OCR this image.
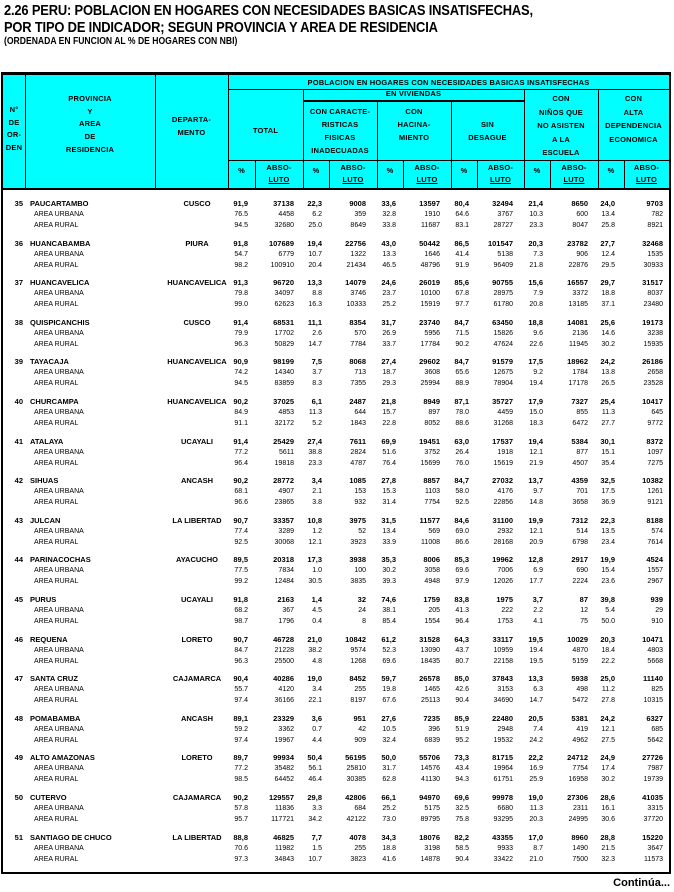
2.26 PERU: POBLACION EN HOGARES CON NECESIDADES BASICAS INSATISFECHAS,
POR TIPO DE INDICADOR; SEGUN PROVINCIA Y AREA DE RESIDENCIA
(ORDENADA EN FUNCION AL % DE HOGARES CON NBI)
N°
DE
OR-
DEN
PROVINCIA
Y
AREA
DE
RESIDENCIA
DEPARTA-
MENTO
POBLACION EN HOGARES CON NECESIDADES BASICAS INSATISFECHAS
EN VIVIENDAS
TOTAL
CON CARACTE-
RISTICAS
FISICAS
INADECUADAS
CON
HACINA-
MIENTO
SIN
DESAGUE
CON
NIÑOS QUE
NO ASISTEN
A LA
ESCUELA
CON
ALTA
DEPENDENCIA
ECONOMICA
%	ABSO-
LUTO
%	ABSO-
LUTO
%	ABSO-
LUTO
%	ABSO-
LUTO
%	ABSO-
LUTO
%	ABSO-
LUTO
35 PAUCARTAMBO	CUSCO	91,9	37138 22,3	9008 33,6	13597 80,4	32494 21,4	8650 24,0	9703
AREA URBANA	76.5	4458	6.2	359 32.8	1910 64.6	3767 10.3	600 13.4	782
AREA RURAL	94.5	32680 25.0	8649 33.8	11687 83.1	28727 23.3	8047 25.8	8921
36 HUANCABAMBA	PIURA	91,8	107689 19,4	22756 43,0	50442 86,5	101547 20,3	23782 27,7	32468
AREA URBANA	54.7	6779 10.7	1322 13.3	1646 41.4	5138	7.3	906 12.4	1535
AREA RURAL	98.2	100910 20.4	21434 46.5	48796 91.9	96409 21.8	22876 29.5	30933
37 HUANCAVELICA	HUANCAVELICA 91,3	96720 13,3	14079 24,6	26019 85,6	90755 15,6	16557 29,7	31517
AREA URBANA	79.8	34097	8.8	3746 23.7	10100 67.8	28975	7.9	3372 18.8	8037
AREA RURAL	99.0	62623 16.3	10333 25.2	15919 97.7	61780 20.8	13185 37.1	23480
38 QUISPICANCHIS	CUSCO	91,4	68531 11,1	8354 31,7	23740 84,7	63450 18,8	14081 25,6	19173
AREA URBANA	79.9	17702	2.6	570 26.9	5956 71.5	15826	9.6	2136 14.6	3238
AREA RURAL	96.3	50829 14.7	7784 33.7	17784 90.2	47624 22.6	11945 30.2	15935
39 TAYACAJA	HUANCAVELICA 90,9	98199 7,5	8068 27,4	29602 84,7	91579 17,5	18962 24,2	26186
AREA URBANA	74.2	14340	3.7	713 18.7	3608 65.6	12675	9.2	1784 13.8	2658
AREA RURAL	94.5	83859	8.3	7355 29.3	25994 88.9	78904 19.4	17178 26.5	23528
40 CHURCAMPA	HUANCAVELICA 90,2	37025 6,1	2487 21,8	8949 87,1	35727 17,9	7327 25,4	10417
AREA URBANA	84.9	4853 11.3	644 15.7	897 78.0	4459 15.0	855 11.3	645
AREA RURAL	91.1	32172	5.2	1843 22.8	8052 88.6	31268 18.3	6472 27.7	9772
41 ATALAYA	UCAYALI	91,4	25429 27,4	7611 69,9	19451 63,0	17537 19,4	5384 30,1	8372
AREA URBANA	77.2	5611 38.8	2824 51.6	3752 26.4	1918 12.1	877 15.1	1097
AREA RURAL	96.4	19818 23.3	4787 76.4	15699 76.0	15619 21.9	4507 35.4	7275
42 SIHUAS	ANCASH	90,2	28772 3,4	1085 27,8	8857 84,7	27032 13,7	4359 32,5	10382
AREA URBANA	68.1	4907	2.1	153 15.3	1103 58.0	4176	9.7	701 17.5	1261
AREA RURAL	96.6	23865	3.8	932 31.4	7754 92.5	22856 14.8	3658 36.9	9121
43 JULCAN	LA LIBERTAD	90,7	33357 10,8	3975 31,5	11577 84,6	31100 19,9	7312 22,3	8188
AREA URBANA	77.4	3289	1.2	52 13.4	569 69.0	2932 12.1	514 13.5	574
AREA RURAL	92.5	30068 12.1	3923 33.9	11008 86.6	28168 20.9	6798 23.4	7614
44 PARINACOCHAS	AYACUCHO	89,5	20318 17,3	3938 35,3	8006 85,3	19962 12,8	2917 19,9	4524
AREA URBANA	77.5	7834	1.0	100 30.2	3058 69.6	7006	6.9	690 15.4	1557
AREA RURAL	99.2	12484 30.5	3835 39.3	4948 97.9	12026 17.7	2224 23.6	2967
45 PURUS	UCAYALI	91,8	2163 1,4	32 74,6	1759 83,8	1975	3,7	87 39,8	939
AREA URBANA	68.2	367	4.5	24 38.1	205 41.3	222	2.2	12 5.4	29
AREA RURAL	98.7	1796	0.4	8 85.4	1554 96.4	1753	4.1	75 50.0	910
46 REQUENA	LORETO	90,7	46728 21,0	10842 61,2	31528 64,3	33117 19,5	10029 20,3	10471
AREA URBANA	84.7	21228 38.2	9574 52.3	13090 43.7	10959 19.4	4870 18.4	4803
AREA RURAL	96.3	25500	4.8	1268 69.6	18435 80.7	22158 19.5	5159 22.2	5668
47 SANTA CRUZ	CAJAMARCA	90,4	40286 19,0	8452 59,7	26578 85,0	37843 13,3	5938 25,0	11140
AREA URBANA	55.7	4120	3.4	255 19.8	1465 42.6	3153	6.3	498 11.2	825
AREA RURAL	97.4	36166 22.1	8197 67.6	25113 90.4	34690 14.7	5472 27.8	10315
48 POMABAMBA	ANCASH	89,1	23329 3,6	951 27,6	7235 85,9	22480 20,5	5381 24,2	6327
AREA URBANA	59.2	3362	0.7	42 10.5	396 51.9	2948	7.4	419 12.1	685
AREA RURAL	97.4	19967	4.4	909 32.4	6839 95.2	19532 24.2	4962 27.5	5642
49 ALTO AMAZONAS	LORETO	89,7	99934 50,4	56195 50,0	55706 73,3	81715 22,2	24712 24,9	27726
AREA URBANA	77.2	35482 56.1	25810 31.7	14576 43.4	19964 16.9	7754 17.4	7987
AREA RURAL	98.5	64452 46.4	30385 62.8	41130 94.3	61751 25.9	16958 30.2	19739
50 CUTERVO	CAJAMARCA	90,2	129557 29,8	42806 66,1	94970 69,6	99978 19,0	27306 28,6	41035
AREA URBANA	57.8	11836	3.3	684 25.2	5175 32.5	6680 11.3	2311 16.1	3315
AREA RURAL	95.7	117721 34.2	42122 73.0	89795 75.8	93295 20.3	24995 30.6	37720
51 SANTIAGO DE CHUCO	LA LIBERTAD	88,8	46825 7,7	4078 34,3	18076 82,2	43355 17,0	8960 28,8	15220
AREA URBANA	70.6	11982	1.5	255 18.8	3198 58.5	9933	8.7	1490 21.5	3647
AREA RURAL	97.3	34843 10.7	3823 41.6	14878 90.4	33422 21.0	7500 32.3	11573
Continúa...
